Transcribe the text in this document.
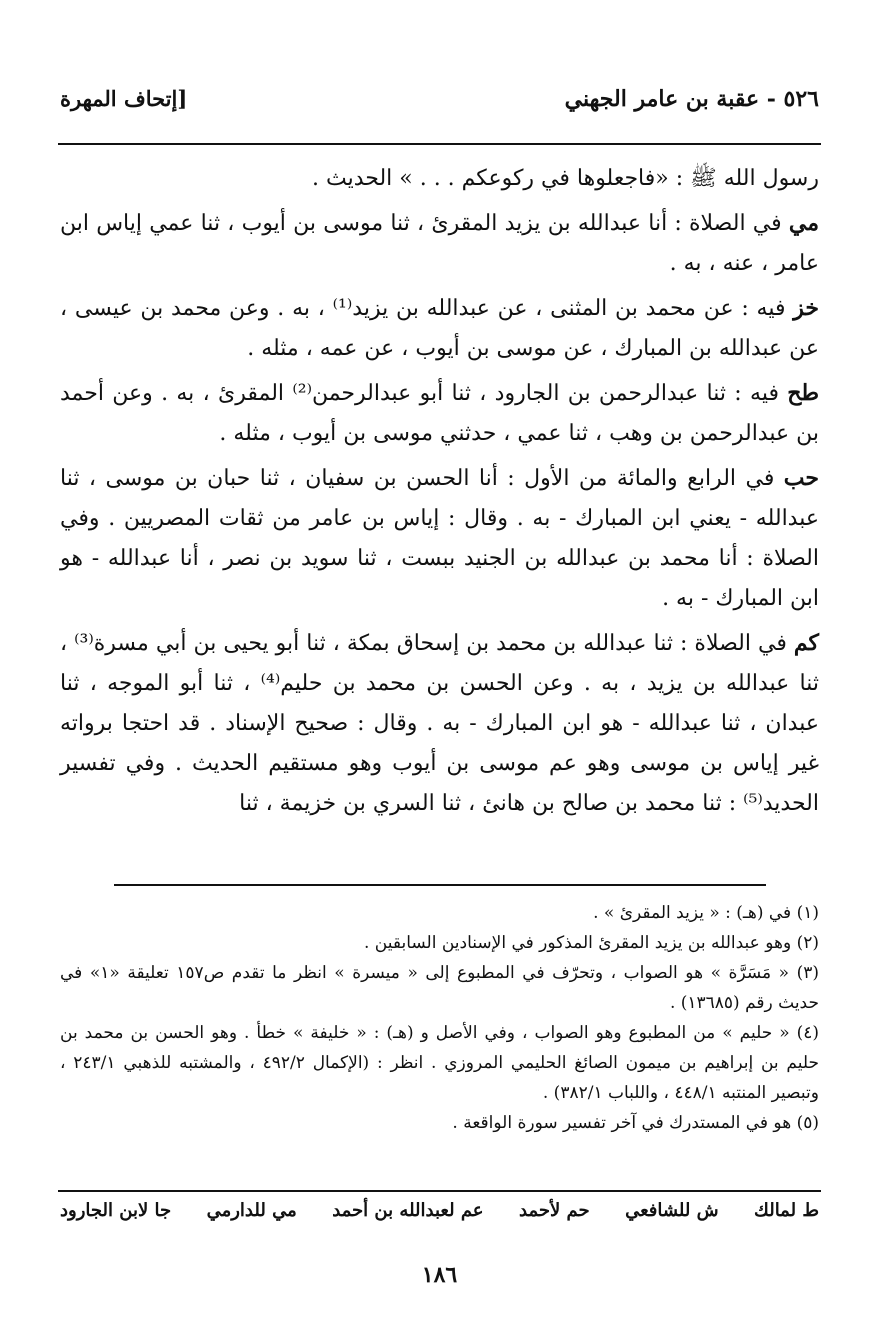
٥٢٦ - عقبة بن عامر الجهني
[إتحاف المهرة

رسول الله ﷺ : «فاجعلوها في ركوعكم . . . » الحديث .

مي في الصلاة : أنا عبدالله بن يزيد المقرئ ، ثنا موسى بن أيوب ، ثنا عمي إياس ابن عامر ، عنه ، به .

خز فيه : عن محمد بن المثنى ، عن عبدالله بن يزيد⁽¹⁾ ، به . وعن محمد بن عيسى ، عن عبدالله بن المبارك ، عن موسى بن أيوب ، عن عمه ، مثله .

طح فيه : ثنا عبدالرحمن بن الجارود ، ثنا أبو عبدالرحمن⁽²⁾ المقرئ ، به . وعن أحمد بن عبدالرحمن بن وهب ، ثنا عمي ، حدثني موسى بن أيوب ، مثله .

حب في الرابع والمائة من الأول : أنا الحسن بن سفيان ، ثنا حبان بن موسى ، ثنا عبدالله - يعني ابن المبارك - به . وقال : إياس بن عامر من ثقات المصريين . وفي الصلاة : أنا محمد بن عبدالله بن الجنيد ببست ، ثنا سويد بن نصر ، أنا عبدالله - هو ابن المبارك - به .

كم في الصلاة : ثنا عبدالله بن محمد بن إسحاق بمكة ، ثنا أبو يحيى بن أبي مسرة⁽³⁾ ، ثنا عبدالله بن يزيد ، به . وعن الحسن بن محمد بن حليم⁽⁴⁾ ، ثنا أبو الموجه ، ثنا عبدان ، ثنا عبدالله - هو ابن المبارك - به . وقال : صحيح الإسناد . قد احتجا برواته غير إياس بن موسى وهو عم موسى بن أيوب وهو مستقيم الحديث . وفي تفسير الحديد⁽⁵⁾ : ثنا محمد بن صالح بن هانئ ، ثنا السري بن خزيمة ، ثنا

(١) في (هـ) : « يزيد المقرئ » .

(٢) وهو عبدالله بن يزيد المقرئ المذكور في الإسنادين السابقين .

(٣) « مَسَرَّة » هو الصواب ، وتحرّف في المطبوع إلى « ميسرة » انظر ما تقدم ص١٥٧ تعليقة «١» في حديث رقم (١٣٦٨٥) .

(٤) « حليم » من المطبوع وهو الصواب ، وفي الأصل و (هـ) : « خليفة » خطأ . وهو الحسن بن محمد بن حليم بن إبراهيم بن ميمون الصائغ الحليمي المروزي . انظر : (الإكمال ٤٩٢/٢ ، والمشتبه للذهبي ٢٤٣/١ ، وتبصير المنتبه ٤٤٨/١ ، واللباب ٣٨٢/١) .

(٥) هو في المستدرك في آخر تفسير سورة الواقعة .

ط لمالك
ش للشافعي
حم لأحمد
عم لعبدالله بن أحمد
مي للدارمي
جا لابن الجارود
١٨٦
